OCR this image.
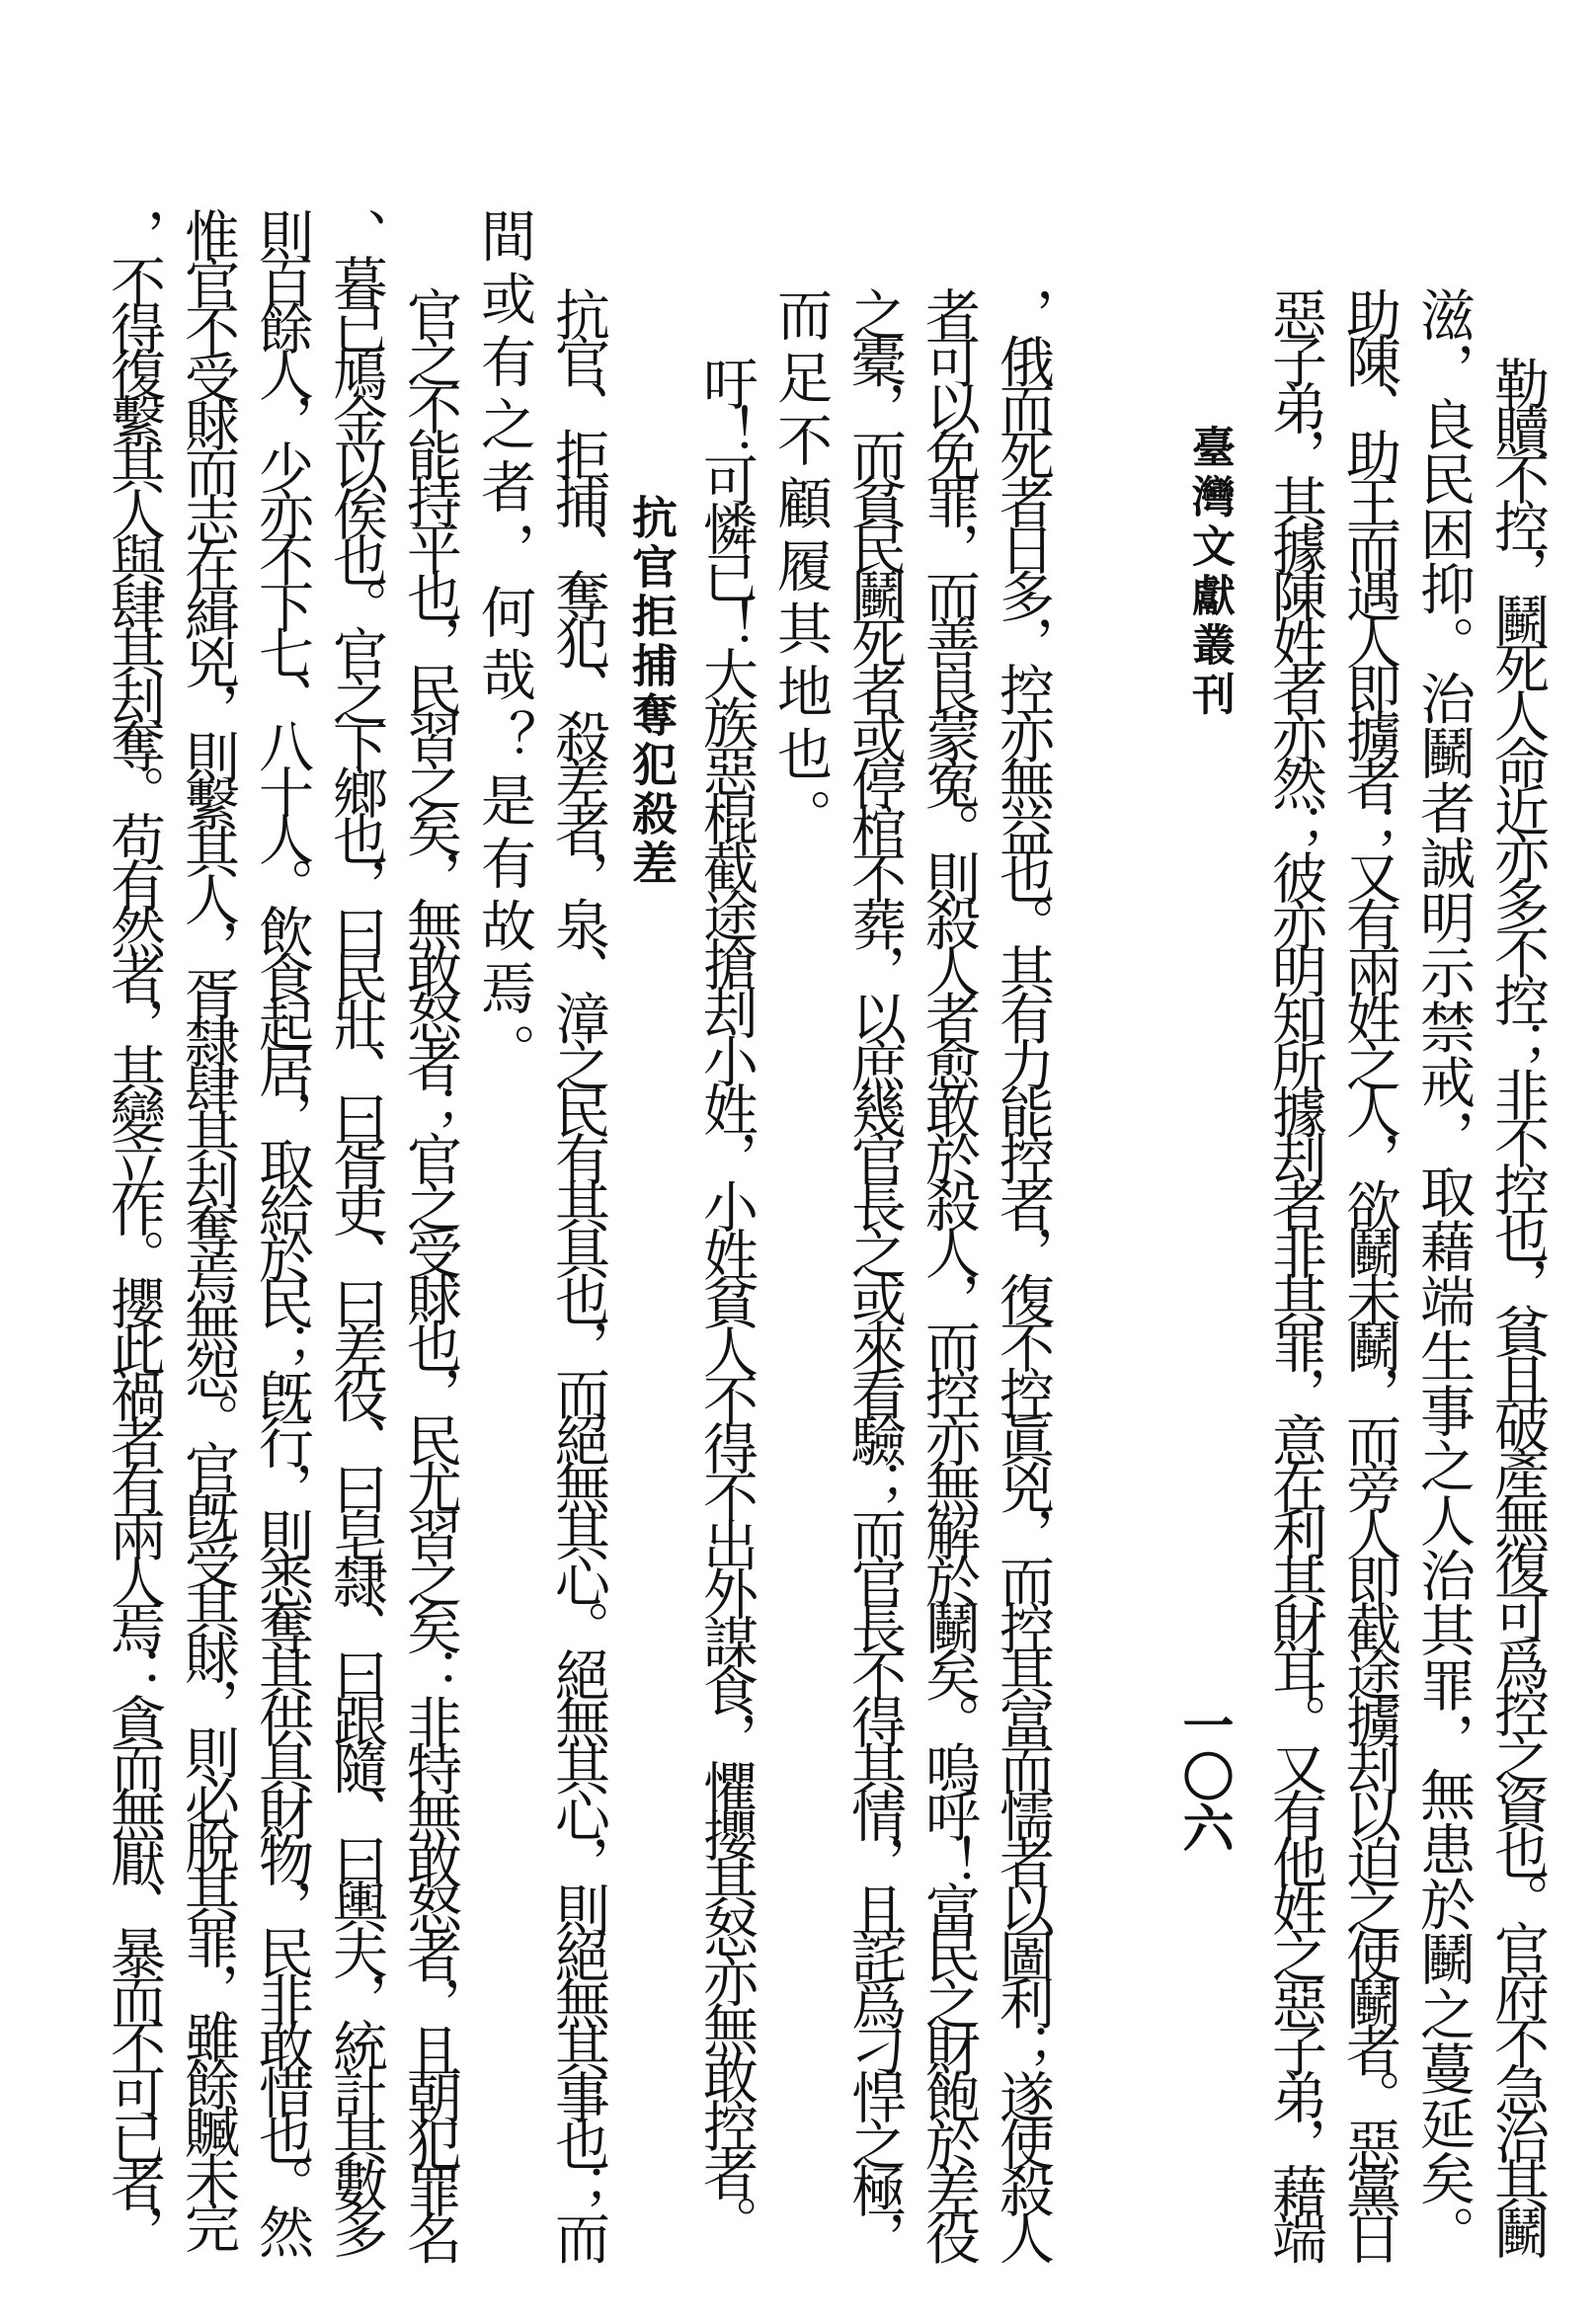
臺灣文獻叢刊
一〇六 惡子弟，其據陳姓者亦然；彼亦明知所據刦者非其罪，意在利其財耳。又有他姓之惡子弟，藉端 助陳、助王而遇人即擄者；又有兩姓之人，欲鬭未鬭，而旁人即截途擄刦以迫之使鬭者。惡黨日 滋，良民困抑。治鬭者誠明示禁戒，取藉端生事之人治其罪，無患於鬭之蔓延矣。 勒贖不控，鬭死人命近亦多不控；非不控也，貧且破產無復可爲控之資也。官府不急治其鬭
，俄而死者日多，控亦無益也。其有力能控者，復不控眞兇，而控其富而懦者以圖利；遂使殺人
者可以免罪，而善良蒙寃。則殺人者愈敢於殺人，而控亦無解於鬭矣。嗚呼！富民之財飽於差役
之橐，而貧民鬭死者或停棺不葬，以庶幾官長之或來看驗；而官長不得其情，且詫爲刁悍之極，
而足不顧履其地也。
吁！可憐已！大族惡棍截途搶刦小姓，小姓貧人不得不出外謀食，懼攖其怒亦無敢控者。
抗官拒捕奪犯殺差
抗官、拒捕、奪犯、殺差者，泉、漳之民有其具也，而絕無其心。絕無其心，則絕無其事也；而
間或有之者，何哉？是有故焉。
官之不能持平也，民習之矣，無敢怒者；官之受賕也，民尤習之矣：非特無敢怒者，且朝犯罪名
、暮已鳩金以俟也。官之下鄉也，曰民壯、曰胥吏、曰差役、曰皂隸、曰跟隨、曰輿夫，統計其數多
則百餘人，少亦不下七、八十人。飲食起居，取給於民；旣行，則悉奪其供具財物，民非敢惜也。然
惟官不受賕而志在緝兇，則繫其人，胥隸肆其刦奪焉無怨。官旣受其賕，則必脫其罪，雖餘贓未完
，不得復繫其人與肆其刦奪。苟有然者，其變立作。攖此禍者有兩人焉：貪而無厭、暴而不可已者，
